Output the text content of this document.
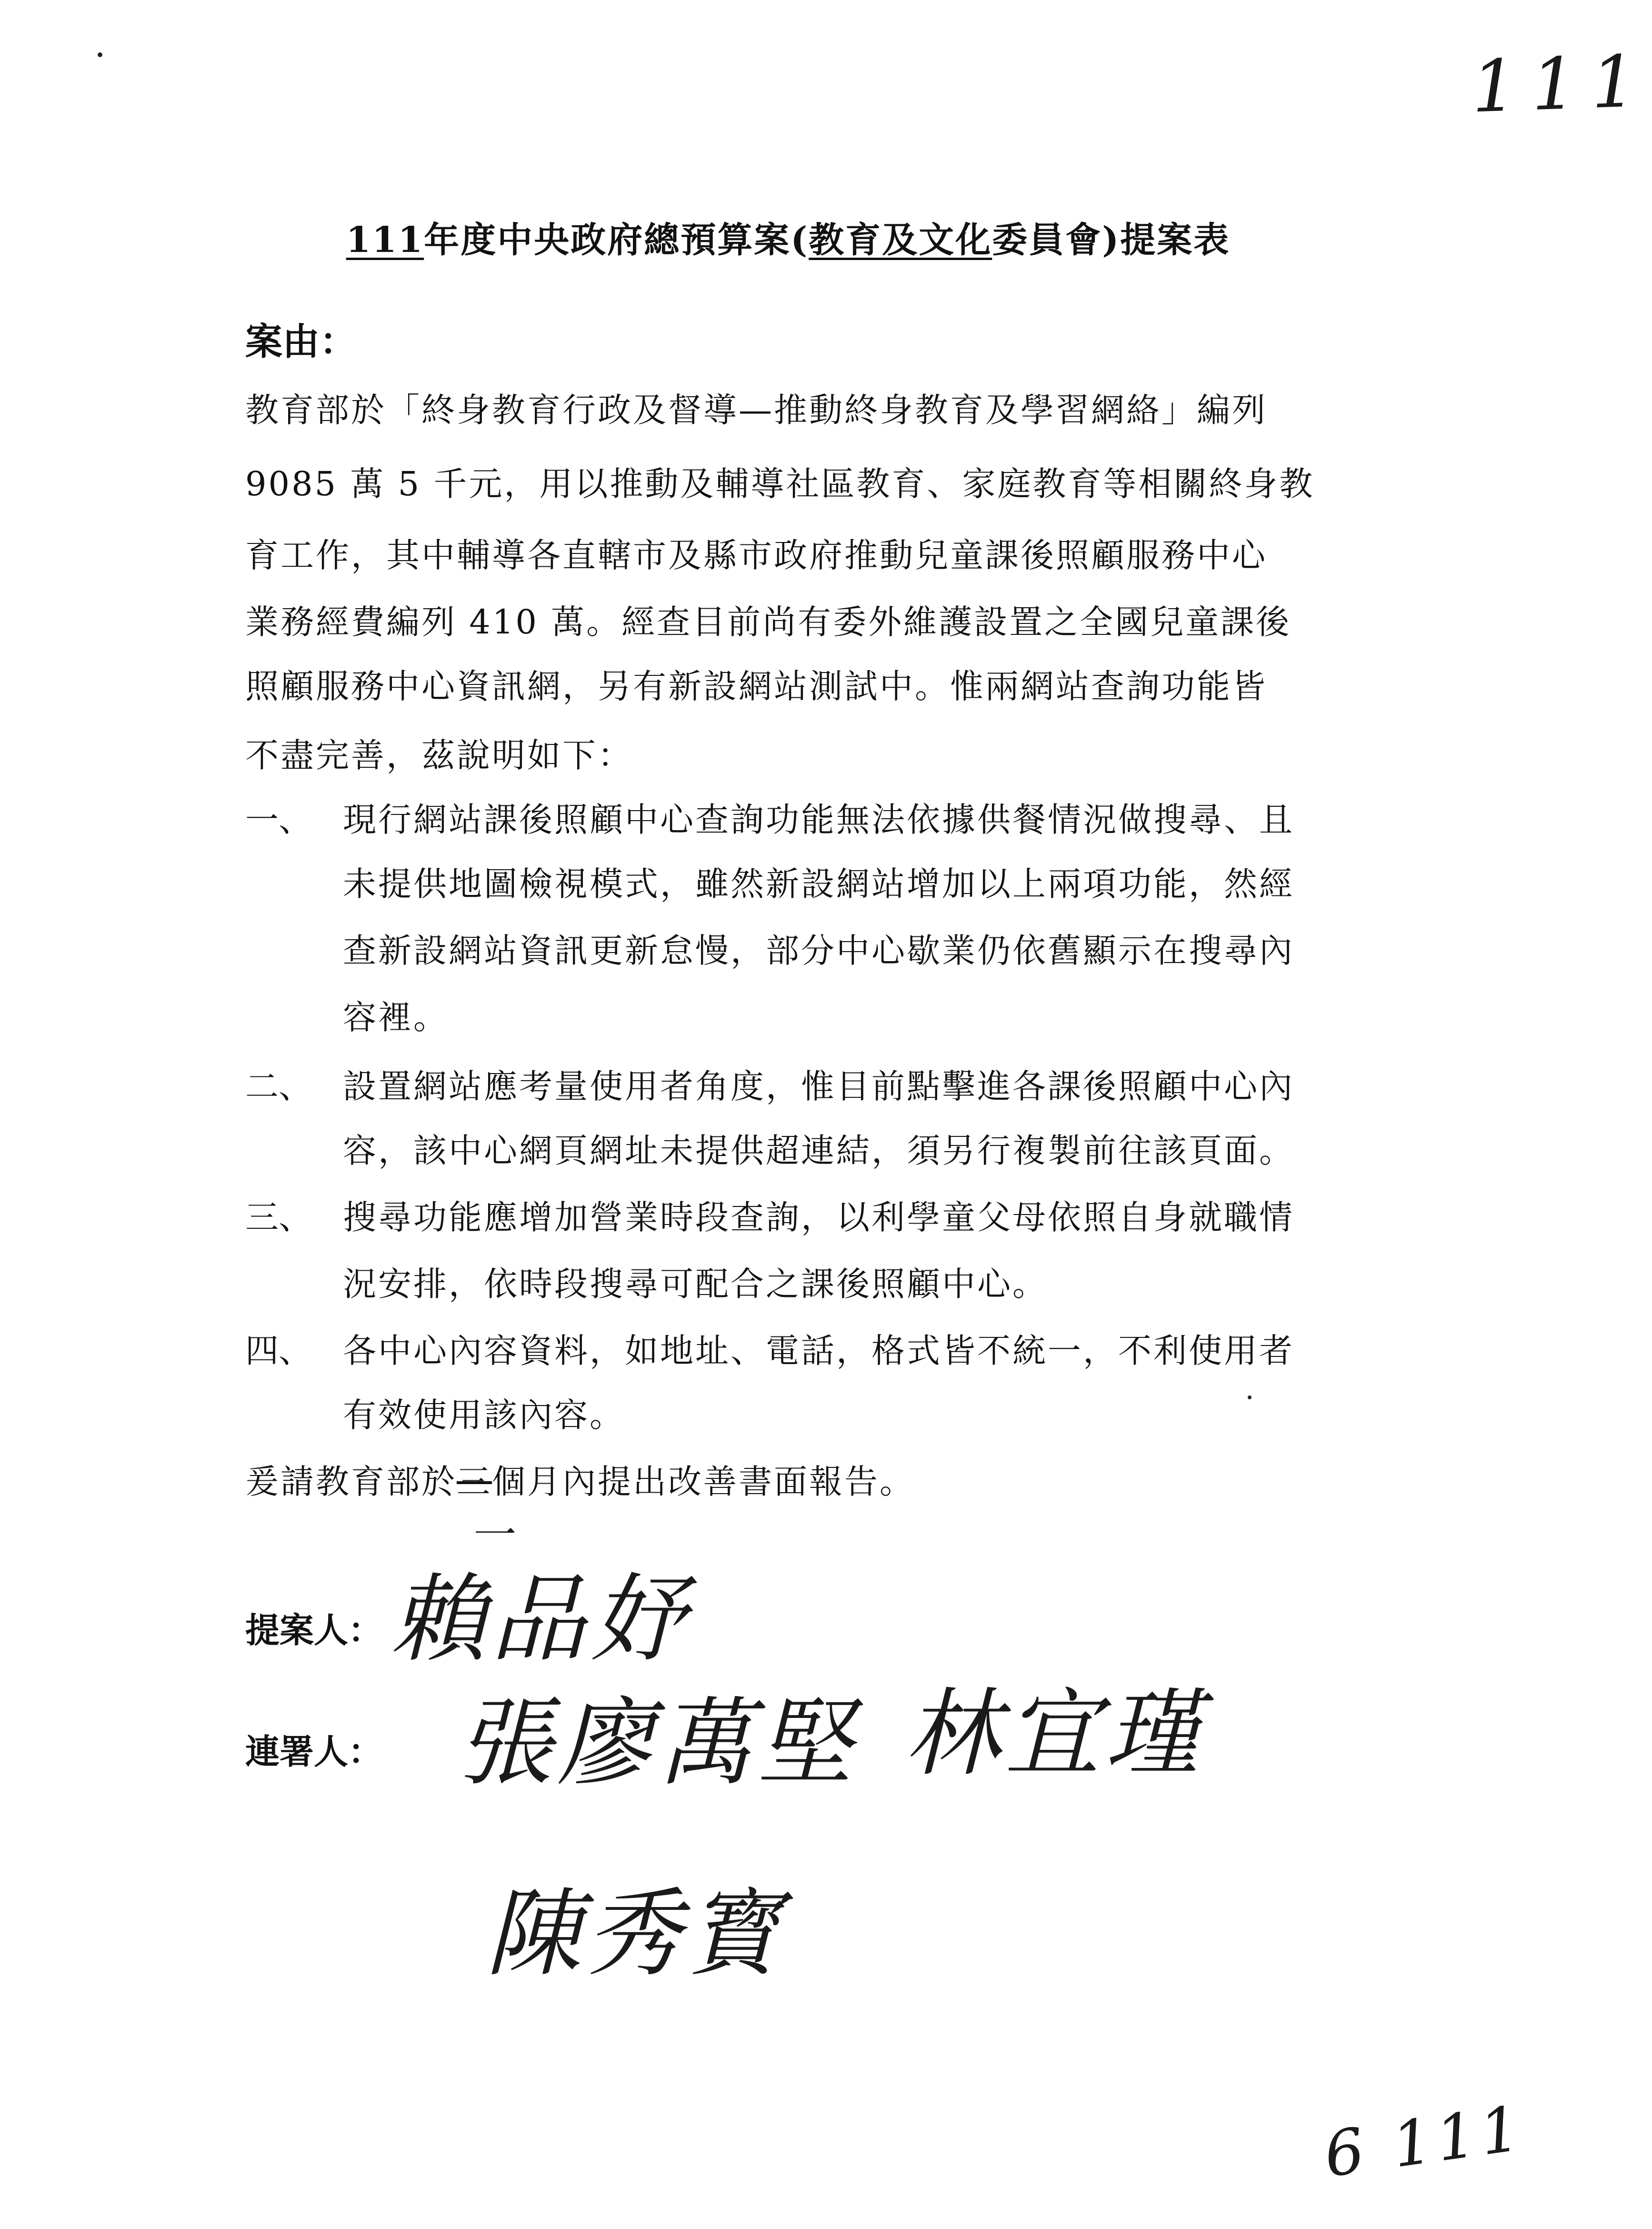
111
111年度中央政府總預算案(教育及文化委員會)提案表
案由：
教育部於「終身教育行政及督導—推動終身教育及學習網絡」編列
9085 萬 5 千元，用以推動及輔導社區教育、家庭教育等相關終身教
育工作，其中輔導各直轄市及縣市政府推動兒童課後照顧服務中心
業務經費編列 410 萬。經查目前尚有委外維護設置之全國兒童課後
照顧服務中心資訊網，另有新設網站測試中。惟兩網站查詢功能皆
不盡完善，茲說明如下：
一、 現行網站課後照顧中心查詢功能無法依據供餐情況做搜尋、且
未提供地圖檢視模式，雖然新設網站增加以上兩項功能，然經
查新設網站資訊更新怠慢，部分中心歇業仍依舊顯示在搜尋內
容裡。
二、 設置網站應考量使用者角度，惟目前點擊進各課後照顧中心內
容，該中心網頁網址未提供超連結，須另行複製前往該頁面。
三、 搜尋功能應增加營業時段查詢，以利學童父母依照自身就職情
況安排，依時段搜尋可配合之課後照顧中心。
四、 各中心內容資料，如地址、電話，格式皆不統一，不利使用者
有效使用該內容。
爰請教育部於三個月內提出改善書面報告。
一
提案人： 賴品妤
連署人： 張廖萬堅 林宜瑾
陳秀寳
6 111
